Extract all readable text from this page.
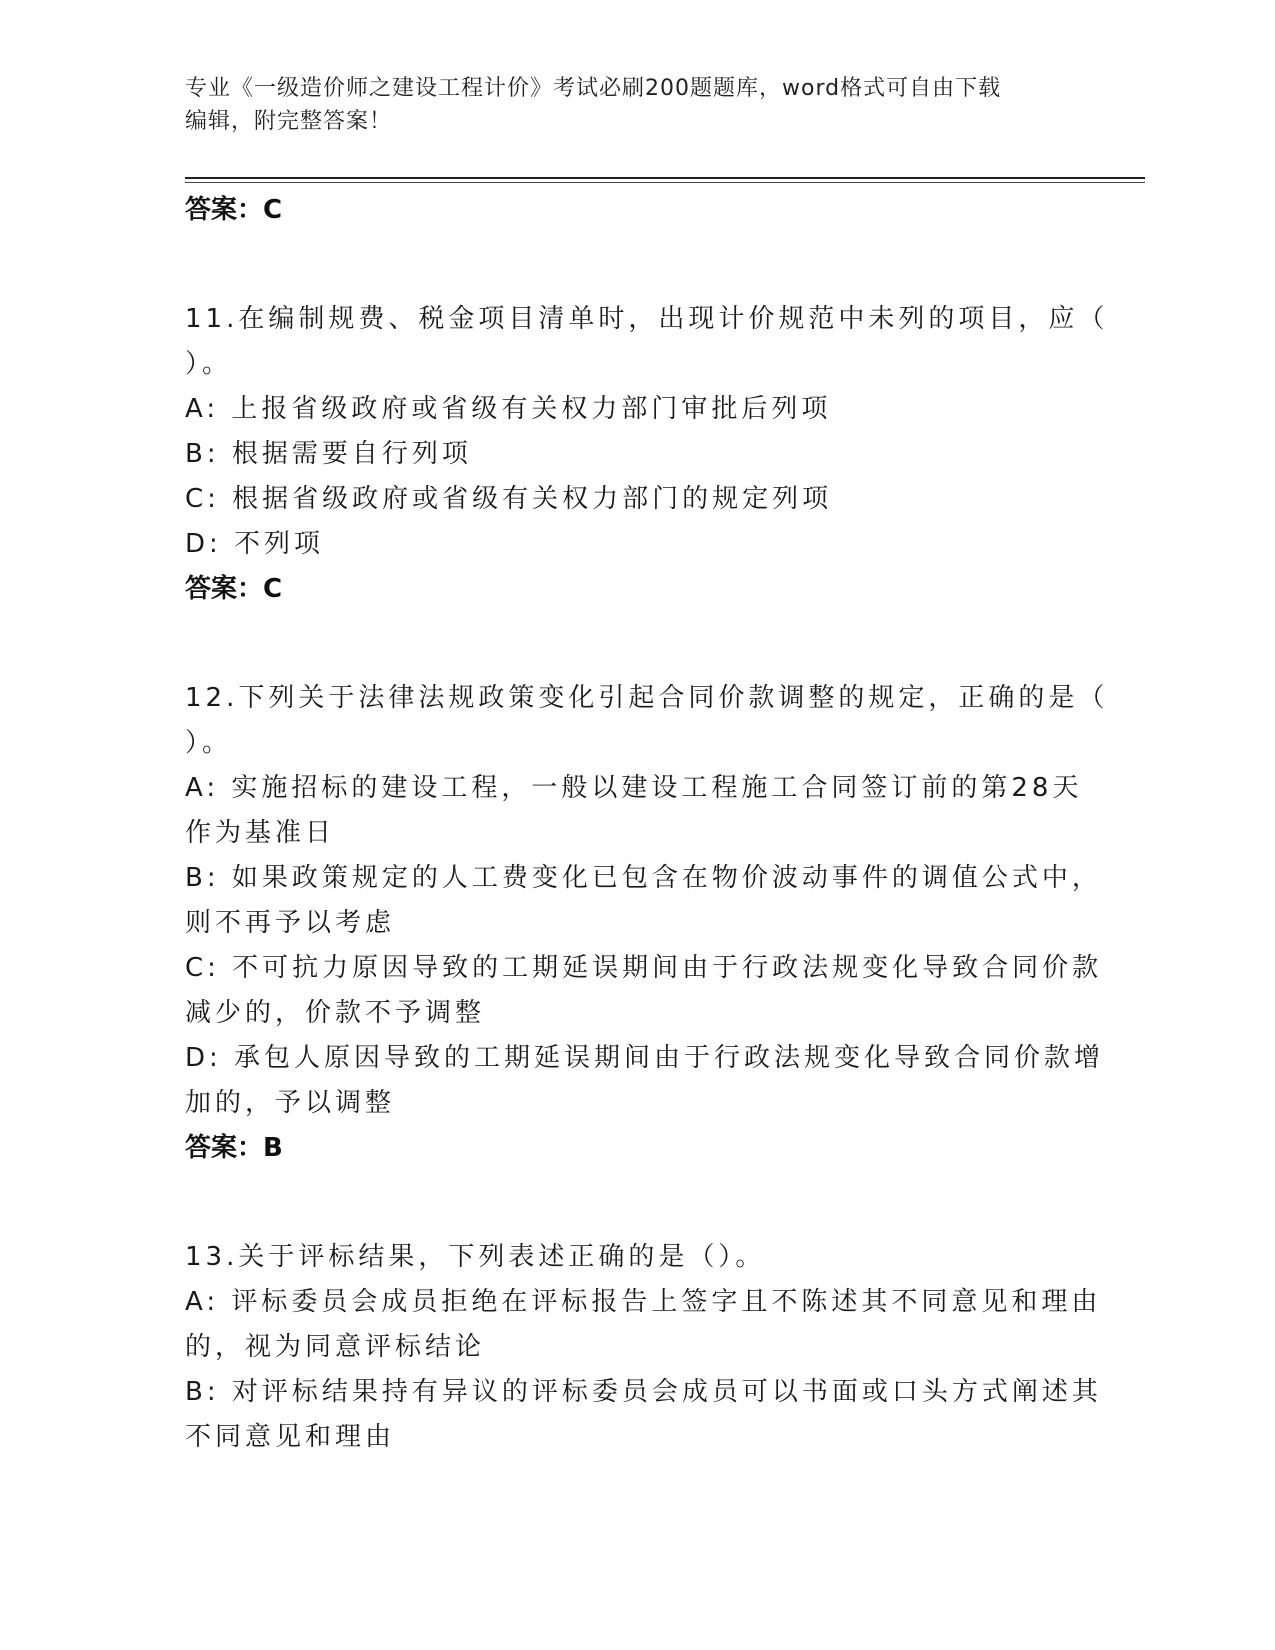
专业《一级造价师之建设工程计价》考试必刷200题题库，word格式可自由下载
编辑，附完整答案！
答案：C
11.在编制规费、税金项目清单时，出现计价规范中未列的项目，应（
）。
A: 上报省级政府或省级有关权力部门审批后列项
B: 根据需要自行列项
C: 根据省级政府或省级有关权力部门的规定列项
D: 不列项
答案：C
12.下列关于法律法规政策变化引起合同价款调整的规定，正确的是（
）。
A: 实施招标的建设工程，一般以建设工程施工合同签订前的第28天
作为基准日
B: 如果政策规定的人工费变化已包含在物价波动事件的调值公式中，
则不再予以考虑
C: 不可抗力原因导致的工期延误期间由于行政法规变化导致合同价款
减少的，价款不予调整
D: 承包人原因导致的工期延误期间由于行政法规变化导致合同价款增
加的，予以调整
答案：B
13.关于评标结果，下列表述正确的是（）。
A: 评标委员会成员拒绝在评标报告上签字且不陈述其不同意见和理由
的，视为同意评标结论
B: 对评标结果持有异议的评标委员会成员可以书面或口头方式阐述其
不同意见和理由
